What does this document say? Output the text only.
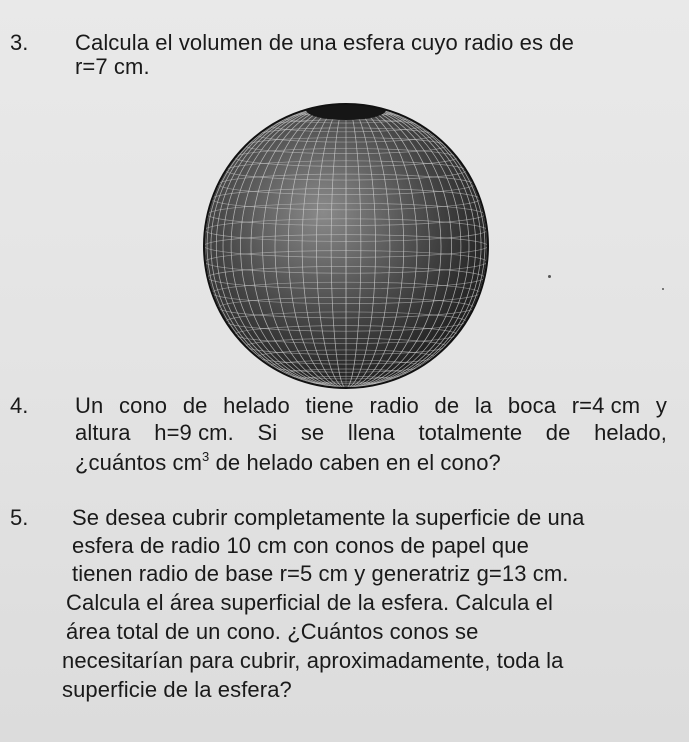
3. Calcula el volumen de una esfera cuyo radio es de
r=7 cm.
4. Un cono de helado tiene radio de la boca r=4 cm y
altura h=9 cm. Si se llena totalmente de helado,
¿cuántos $cm^3$ de helado caben en el cono?
5. Se desea cubrir completamente la superficie de una
esfera de radio 10 cm con conos de papel que
tienen radio de base r=5 cm y generatriz g=13 cm.
Calcula el área superficial de la esfera. Calcula el
área total de un cono. ¿Cuántos conos se
necesitarían para cubrir, aproximadamente, toda la
superficie de la esfera?
